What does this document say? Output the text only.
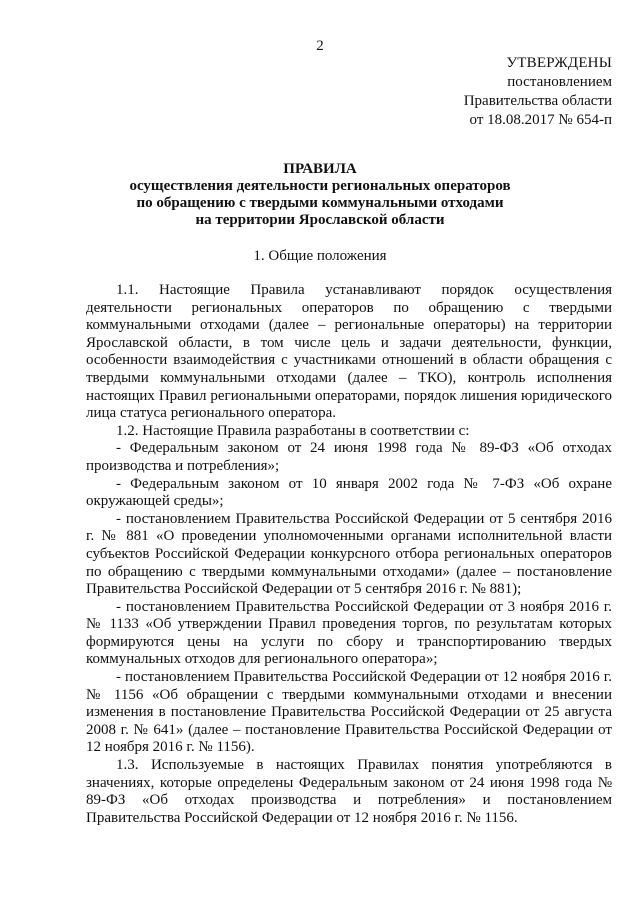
2
УТВЕРЖДЕНЫ
постановлением
Правительства области
от 18.08.2017 № 654-п
ПРАВИЛА
осуществления деятельности региональных операторов
по обращению с твердыми коммунальными отходами
на территории Ярославской области
1. Общие положения

1.1. Настоящие Правила устанавливают порядок осуществления деятельности региональных операторов по обращению с твердыми коммунальными отходами (далее – региональные операторы) на территории Ярославской области, в том числе цель и задачи деятельности, функции, особенности взаимодействия с участниками отношений в области обращения с твердыми коммунальными отходами (далее – ТКО), контроль исполнения настоящих Правил региональными операторами, порядок лишения юридического лица статуса регионального оператора.

1.2. Настоящие Правила разработаны в соответствии с:

- Федеральным законом от 24 июня 1998 года № 89-ФЗ «Об отходах производства и потребления»;

- Федеральным законом от 10 января 2002 года № 7-ФЗ «Об охране окружающей среды»;

- постановлением Правительства Российской Федерации от 5 сентября 2016 г. № 881 «О проведении уполномоченными органами исполнительной власти субъектов Российской Федерации конкурсного отбора региональных операторов по обращению с твердыми коммунальными отходами» (далее – постановление Правительства Российской Федерации от 5 сентября 2016 г. № 881);

- постановлением Правительства Российской Федерации от 3 ноября 2016 г. № 1133 «Об утверждении Правил проведения торгов, по результатам которых формируются цены на услуги по сбору и транспортированию твердых коммунальных отходов для регионального оператора»;

- постановлением Правительства Российской Федерации от 12 ноября 2016 г. № 1156 «Об обращении с твердыми коммунальными отходами и внесении изменения в постановление Правительства Российской Федерации от 25 августа 2008 г. № 641» (далее – постановление Правительства Российской Федерации от 12 ноября 2016 г. № 1156).

1.3. Используемые в настоящих Правилах понятия употребляются в значениях, которые определены Федеральным законом от 24 июня 1998 года № 89-ФЗ «Об отходах производства и потребления» и постановлением Правительства Российской Федерации от 12 ноября 2016 г. № 1156.
